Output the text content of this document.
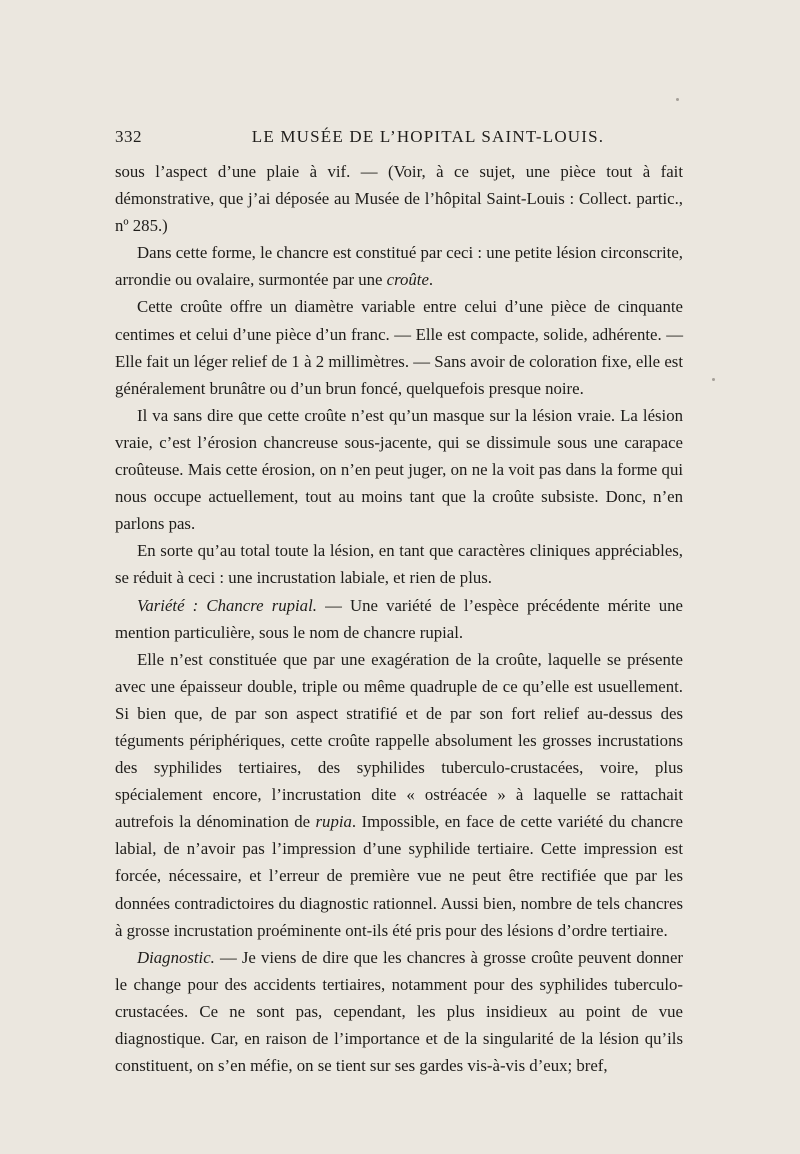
332	LE MUSÉE DE L’HOPITAL SAINT-LOUIS.

sous l’aspect d’une plaie à vif. — (Voir, à ce sujet, une pièce tout à fait démonstrative, que j’ai déposée au Musée de l’hôpital Saint-Louis : Collect. partic., nº 285.)

Dans cette forme, le chancre est constitué par ceci : une petite lésion circonscrite, arrondie ou ovalaire, surmontée par une croûte.

Cette croûte offre un diamètre variable entre celui d’une pièce de cinquante centimes et celui d’une pièce d’un franc. — Elle est compacte, solide, adhérente. — Elle fait un léger relief de 1 à 2 millimètres. — Sans avoir de coloration fixe, elle est généralement brunâtre ou d’un brun foncé, quelquefois presque noire.

Il va sans dire que cette croûte n’est qu’un masque sur la lésion vraie. La lésion vraie, c’est l’érosion chancreuse sous-jacente, qui se dissimule sous une carapace croûteuse. Mais cette érosion, on n’en peut juger, on ne la voit pas dans la forme qui nous occupe actuellement, tout au moins tant que la croûte subsiste. Donc, n’en parlons pas.

En sorte qu’au total toute la lésion, en tant que caractères cliniques appréciables, se réduit à ceci : une incrustation labiale, et rien de plus.

Variété : Chancre rupial. — Une variété de l’espèce précédente mérite une mention particulière, sous le nom de chancre rupial.

Elle n’est constituée que par une exagération de la croûte, laquelle se présente avec une épaisseur double, triple ou même quadruple de ce qu’elle est usuellement. Si bien que, de par son aspect stratifié et de par son fort relief au-dessus des téguments périphériques, cette croûte rappelle absolument les grosses incrustations des syphilides tertiaires, des syphilides tuberculo-crustacées, voire, plus spécialement encore, l’incrustation dite « ostréacée » à laquelle se rattachait autrefois la dénomination de rupia. Impossible, en face de cette variété du chancre labial, de n’avoir pas l’impression d’une syphilide tertiaire. Cette impression est forcée, nécessaire, et l’erreur de première vue ne peut être rectifiée que par les données contradictoires du diagnostic rationnel. Aussi bien, nombre de tels chancres à grosse incrustation proéminente ont-ils été pris pour des lésions d’ordre tertiaire.

Diagnostic. — Je viens de dire que les chancres à grosse croûte peuvent donner le change pour des accidents tertiaires, notamment pour des syphilides tuberculo-crustacées. Ce ne sont pas, cependant, les plus insidieux au point de vue diagnostique. Car, en raison de l’importance et de la singularité de la lésion qu’ils constituent, on s’en méfie, on se tient sur ses gardes vis-à-vis d’eux; bref,
